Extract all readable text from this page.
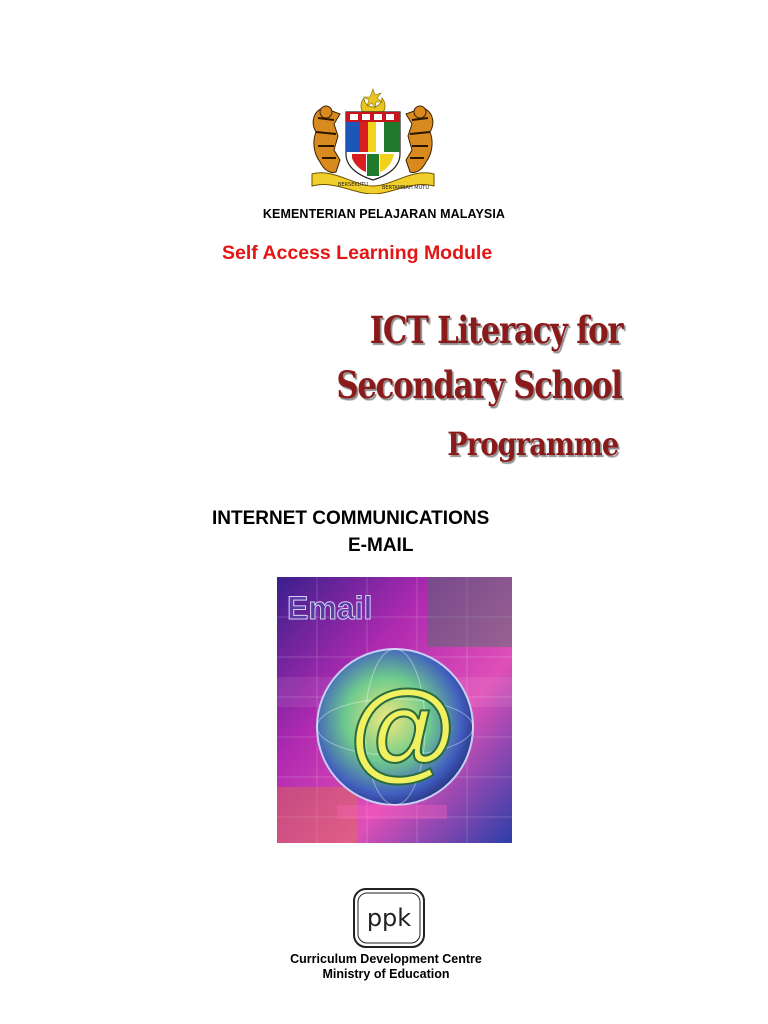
BERSEKUTU	BERTAMBAH MUTU
KEMENTERIAN PELAJARAN MALAYSIA
Self Access Learning Module
ICT Literacy for
Secondary School
Programme
INTERNET COMMUNICATIONS
E-MAIL
Email
@
ppk
Curriculum Development Centre
Ministry of Education
